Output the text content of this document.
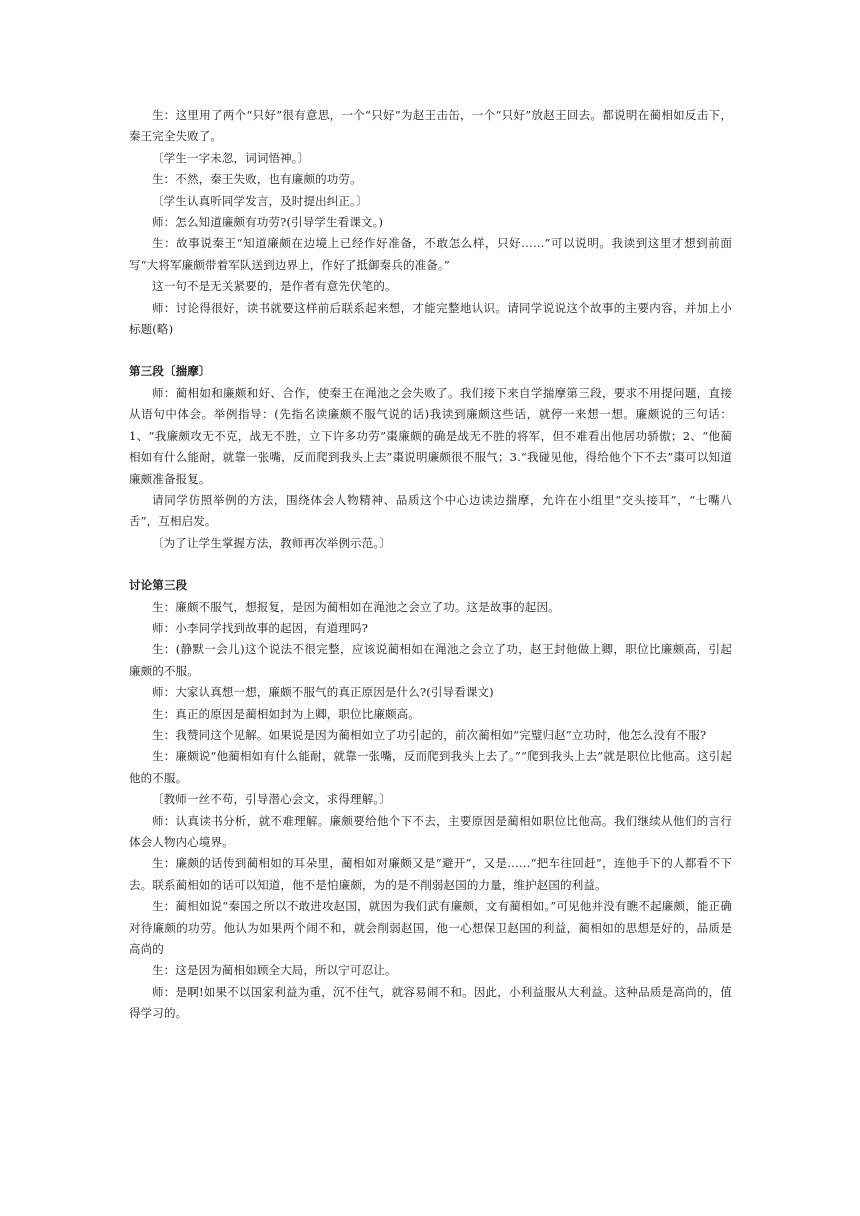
生：这里用了两个“只好”很有意思，一个“只好”为赵王击缶，一个“只好”放赵王回去。都说明在蔺相如反击下，秦王完全失败了。

〔学生一字未忽，词词悟神。〕

生：不然，秦王失败，也有廉颇的功劳。

〔学生认真听同学发言，及时提出纠正。〕

师：怎么知道廉颇有功劳?(引导学生看课文。)

生：故事说秦王“知道廉颇在边境上已经作好准备，不敢怎么样，只好……”可以说明。我读到这里才想到前面写“大将军廉颇带着军队送到边界上，作好了抵御秦兵的准备。”

这一句不是无关紧要的，是作者有意先伏笔的。

师：讨论得很好，读书就要这样前后联系起来想，才能完整地认识。请同学说说这个故事的主要内容，并加上小标题(略)

第三段〔揣摩〕

师：蔺相如和廉颇和好、合作，使秦王在渑池之会失败了。我们接下来自学揣摩第三段，要求不用提问题，直接从语句中体会。举例指导：(先指名读廉颇不服气说的话)我读到廉颇这些话，就停一来想一想。廉颇说的三句话：1、“我廉颇攻无不克，战无不胜，立下许多功劳”棗廉颇的确是战无不胜的将军，但不难看出他居功骄傲；2、“他蔺相如有什么能耐，就靠一张嘴，反而爬到我头上去”棗说明廉颇很不服气；3.“我碰见他，得给他个下不去”棗可以知道廉颇准备报复。

请同学仿照举例的方法，围绕体会人物精神、品质这个中心边读边揣摩，允许在小组里“交头接耳”，“七嘴八舌”，互相启发。

〔为了让学生掌握方法，教师再次举例示范。〕

讨论第三段

生：廉颇不服气，想报复，是因为蔺相如在渑池之会立了功。这是故事的起因。

师：小李同学找到故事的起因，有道理吗?

生：(静默一会儿)这个说法不很完整，应该说蔺相如在渑池之会立了功，赵王封他做上卿，职位比廉颇高，引起廉颇的不服。

师：大家认真想一想，廉颇不服气的真正原因是什么?(引导看课文)

生：真正的原因是蔺相如封为上卿，职位比廉颇高。

生：我赞同这个见解。如果说是因为蔺相如立了功引起的，前次蔺相如“完璧归赵”立功时，他怎么没有不服?

生：廉颇说“他蔺相如有什么能耐，就靠一张嘴，反而爬到我头上去了。”“爬到我头上去”就是职位比他高。这引起他的不服。

〔教师一丝不苟，引导潜心会文，求得理解。〕

师：认真读书分析，就不难理解。廉颇要给他个下不去，主要原因是蔺相如职位比他高。我们继续从他们的言行体会人物内心境界。

生：廉颇的话传到蔺相如的耳朵里，蔺相如对廉颇又是“避开”，又是……“把车往回赶”，连他手下的人都看不下去。联系蔺相如的话可以知道，他不是怕廉颇，为的是不削弱赵国的力量，维护赵国的利益。

生：蔺相如说“秦国之所以不敢进攻赵国，就因为我们武有廉颇，文有蔺相如。”可见他并没有瞧不起廉颇，能正确对待廉颇的功劳。他认为如果两个闹不和，就会削弱赵国，他一心想保卫赵国的利益，蔺相如的思想是好的，品质是高尚的

生：这是因为蔺相如顾全大局，所以宁可忍让。

师：是啊!如果不以国家利益为重，沉不住气，就容易闹不和。因此，小利益服从大利益。这种品质是高尚的，值得学习的。
